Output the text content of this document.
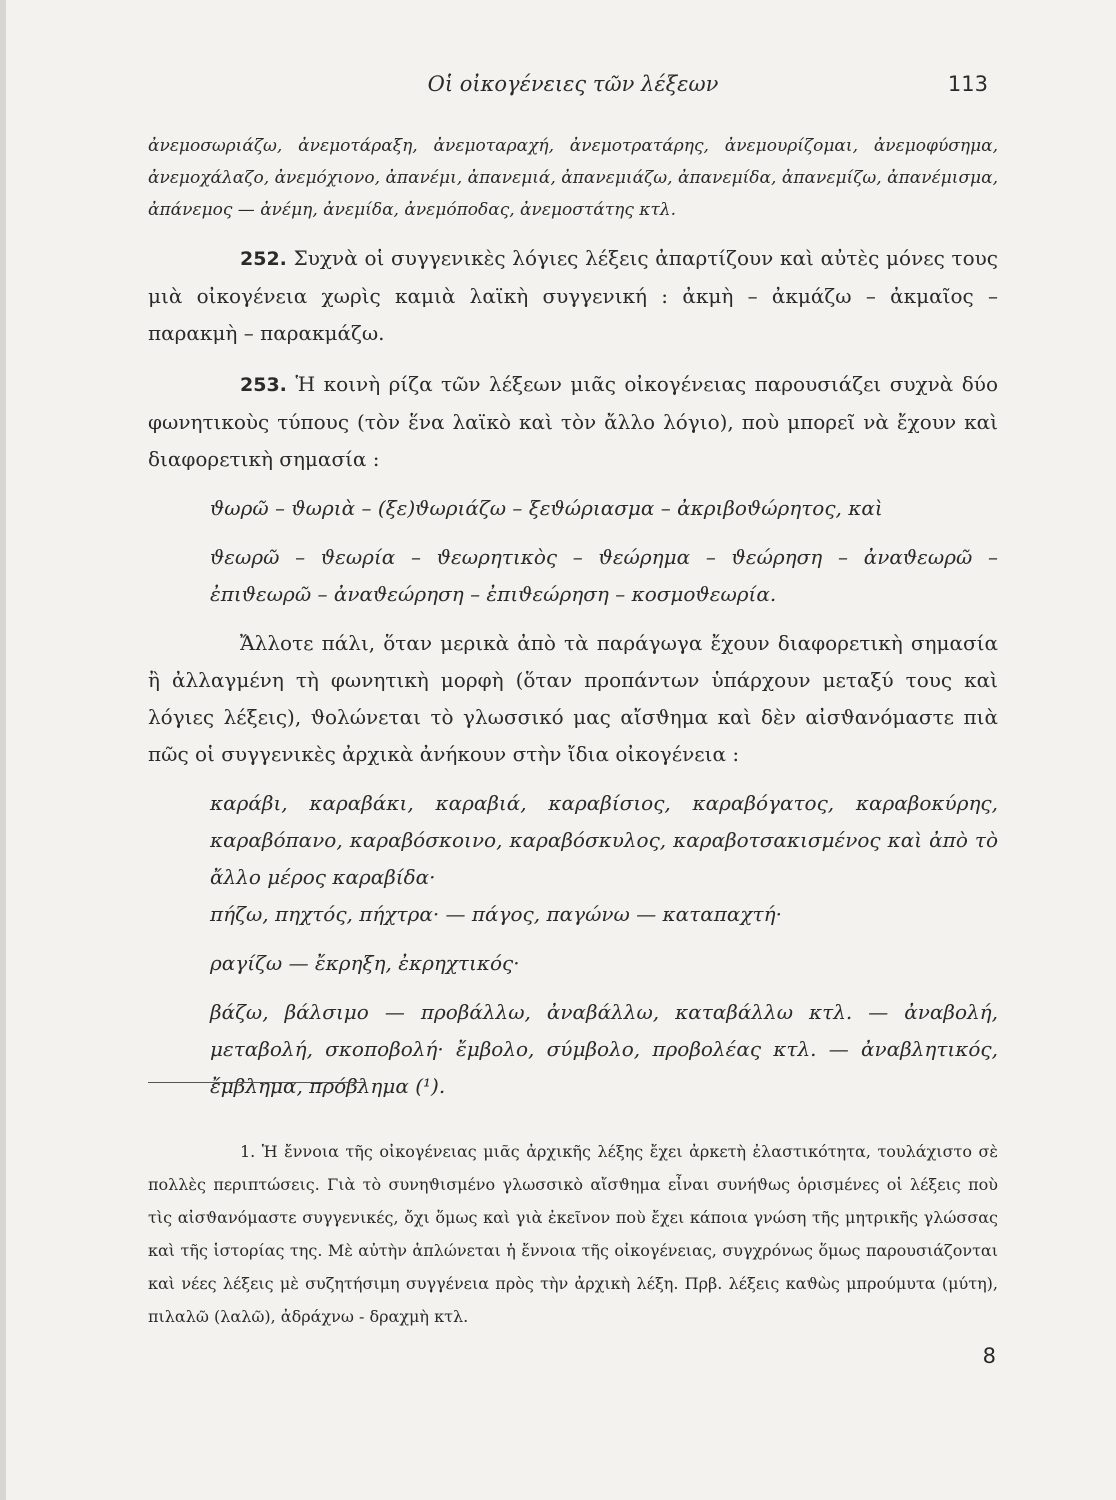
Οἱ οἰκογένειες τῶν λέξεων	113

ἀνεμοσωριάζω, ἀνεμοτάραξη, ἀνεμοταραχή, ἀνεμοτρατάρης, ἀνεμουρίζομαι, ἀνεμοφύσημα, ἀνεμοχάλαζο, ἀνεμόχιονο, ἀπανέμι, ἀπανεμιά, ἀπανεμιάζω, ἀπανεμίδα, ἀπανεμίζω, ἀπανέμισμα, ἀπάνεμος — ἀνέμη, ἀνεμίδα, ἀνεμόποδας, ἀνεμοστάτης κτλ.

252. Συχνὰ οἱ συγγενικὲς λόγιες λέξεις ἀπαρτίζουν καὶ αὐτὲς μόνες τους μιὰ οἰκογένεια χωρὶς καμιὰ λαϊκὴ συγγενική : ἀκμὴ – ἀκμάζω – ἀκμαῖος – παρακμὴ – παρακμάζω.

253. Ἡ κοινὴ ρίζα τῶν λέξεων μιᾶς οἰκογένειας παρουσιάζει συχνὰ δύο φωνητικοὺς τύπους (τὸν ἕνα λαϊκὸ καὶ τὸν ἄλλο λόγιο), ποὺ μπορεῖ νὰ ἔχουν καὶ διαφορετικὴ σημασία :

ϑωρῶ – ϑωριὰ – (ξε)ϑωριάζω – ξεϑώριασμα – ἀκριβοϑώρητος, καὶ

ϑεωρῶ – ϑεωρία – ϑεωρητικὸς – ϑεώρημα – ϑεώρηση – ἀναϑεωρῶ – ἐπιϑεωρῶ – ἀναϑεώρηση – ἐπιϑεώρηση – κοσμοϑεωρία.

Ἄλλοτε πάλι, ὅταν μερικὰ ἀπὸ τὰ παράγωγα ἔχουν διαφορετικὴ σημασία ἢ ἀλλαγμένη τὴ φωνητικὴ μορφὴ (ὅταν προπάντων ὑπάρχουν μεταξύ τους καὶ λόγιες λέξεις), ϑολώνεται τὸ γλωσσικό μας αἴσϑημα καὶ δὲν αἰσϑανόμαστε πιὰ πῶς οἱ συγγενικὲς ἀρχικὰ ἀνήκουν στὴν ἴδια οἰκογένεια :

καράβι, καραβάκι, καραβιά, καραβίσιος, καραβόγατος, καραβοκύρης, καραβόπανο, καραβόσκοινο, καραβόσκυλος, καραβοτσακισμένος καὶ ἀπὸ τὸ ἄλλο μέρος καραβίδα·

πήζω, πηχτός, πήχτρα· — πάγος, παγώνω — καταπαχτή·

ραγίζω — ἔκρηξη, ἐκρηχτικός·

βάζω, βάλσιμο — προβάλλω, ἀναβάλλω, καταβάλλω κτλ. — ἀναβολή, μεταβολή, σκοποβολή· ἔμβολο, σύμβολο, προβολέας κτλ. — ἀναβλητικός, ἔμβλημα, πρόβλημα (¹).

1. Ἡ ἔννοια τῆς οἰκογένειας μιᾶς ἀρχικῆς λέξης ἔχει ἀρκετὴ ἐλαστικότητα, τουλάχιστο σὲ πολλὲς περιπτώσεις. Γιὰ τὸ συνηϑισμένο γλωσσικὸ αἴσϑημα εἶναι συνήϑως ὁρισμένες οἱ λέξεις ποὺ τὶς αἰσϑανόμαστε συγγενικές, ὄχι ὅμως καὶ γιὰ ἐκεῖνον ποὺ ἔχει κάποια γνώση τῆς μητρικῆς γλώσσας καὶ τῆς ἱστορίας της. Μὲ αὐτὴν ἁπλώνεται ἡ ἔννοια τῆς οἰκογένειας, συγχρόνως ὅμως παρουσιάζονται καὶ νέες λέξεις μὲ συζητήσιμη συγγένεια πρὸς τὴν ἀρχικὴ λέξη. Πρβ. λέξεις καϑὼς μπρούμυτα (μύτη), πιλαλῶ (λαλῶ), ἀδράχνω - δραχμὴ κτλ.

8
